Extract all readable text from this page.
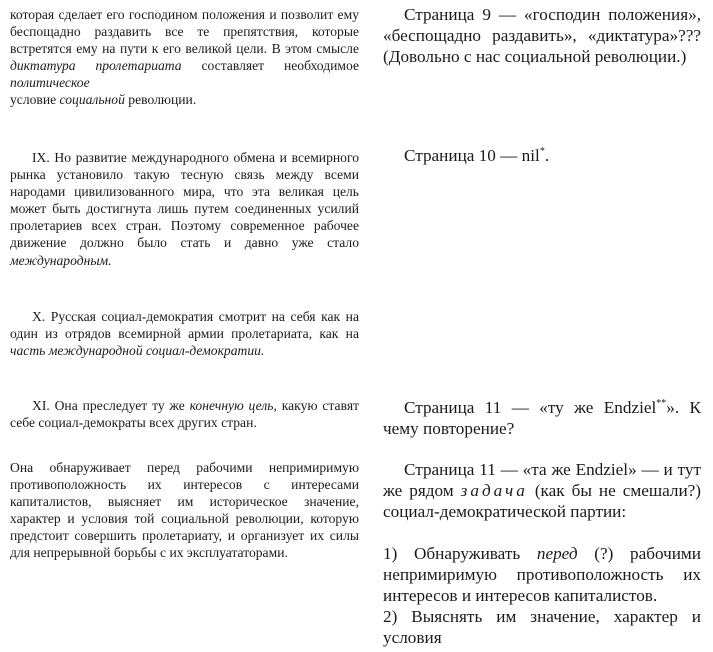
которая сделает его господином положения и позволит ему беспощадно раздавить все те препятствия, которые встретятся ему на пути к его великой цели. В этом смысле диктатура пролетариата составляет необходимое политическое
условие социальной революции.

IX. Но развитие международного обмена и всемирного рынка установило такую тесную связь между всеми народами цивилизованного мира, что эта великая цель может быть достигнута лишь путем соединенных усилий пролетариев всех стран. Поэтому современное рабочее движение должно было стать и давно уже стало международным.

X. Русская социал-демократия смотрит на себя как на один из отрядов всемирной армии пролетариата, как на часть международной социал-демократии.

XI. Она преследует ту же конечную цель, какую ставят себе социал-демократы всех других стран.

Она обнаруживает перед рабочими непримиримую противоположность их интересов с интересами капиталистов, выясняет им историческое значение, характер и условия той социальной революции, которую предстоит совершить пролетариату, и организует их силы для непрерывной борьбы с их эксплуататорами.

Страница 9 — «господин положения», «беспощадно раздавить», «диктатура»??? (Довольно с нас социальной революции.)

Страница 10 — nil*.

Страница 11 — «ту же Endziel**». К чему повторение?

Страница 11 — «та же Endziel» — и тут же рядом задача (как бы не смешали?) социал-демократической партии:

1) Обнаруживать перед (?) рабочими непримиримую противоположность их интересов и интересов капиталистов.

2) Выяснять им значение, характер и условия
